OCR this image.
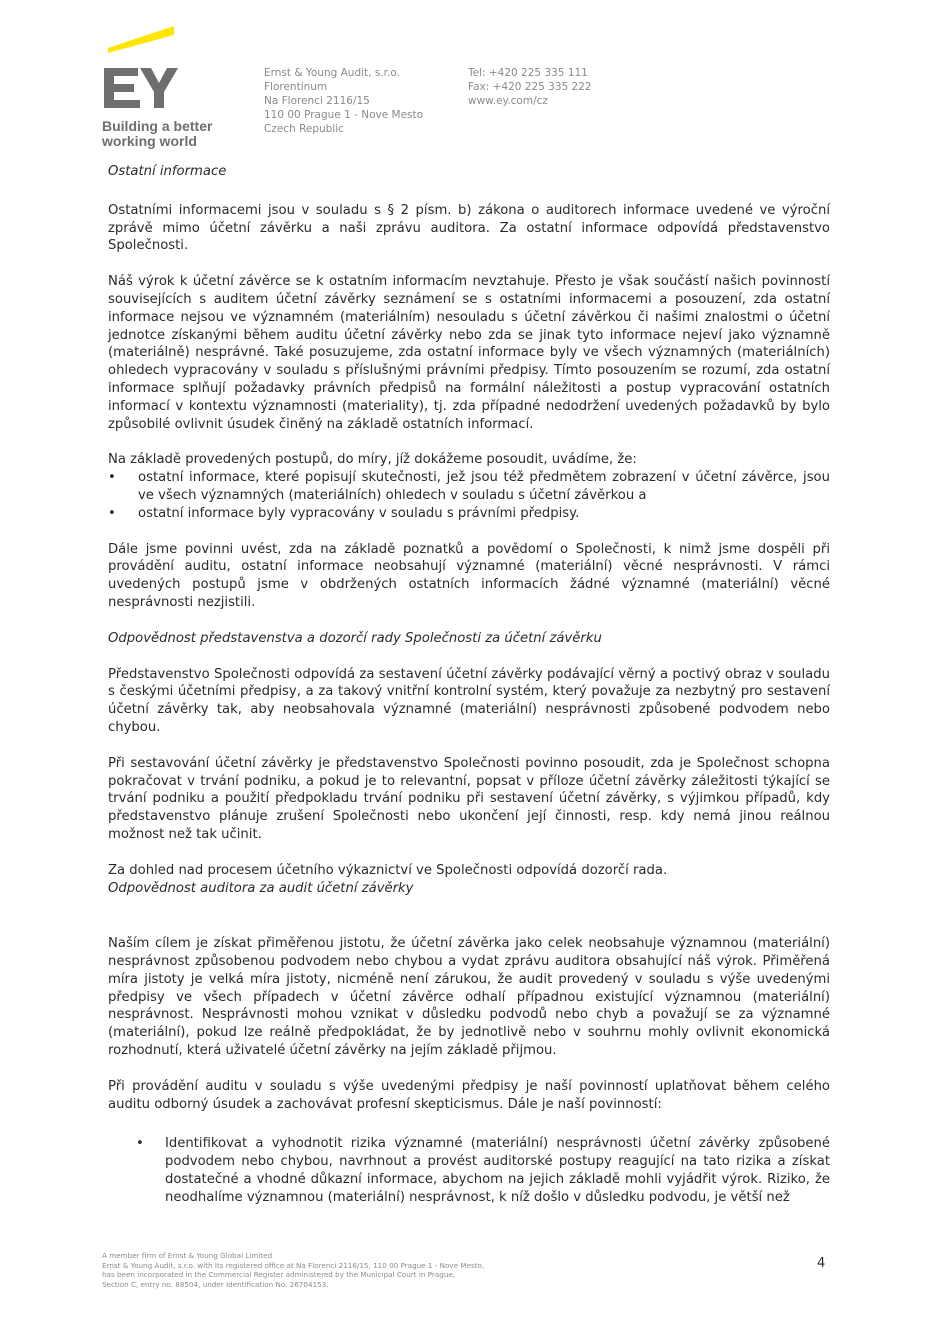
Building a better working world
Ernst & Young Audit, s.r.o.
Florentinum
Na Florenci 2116/15
110 00 Prague 1 - Nove Mesto
Czech Republic
Tel: +420 225 335 111
Fax: +420 225 335 222
www.ey.com/cz
Ostatní informace

Ostatními informacemi jsou v souladu s § 2 písm. b) zákona o auditorech informace uvedené ve výroční zprávě mimo účetní závěrku a naši zprávu auditora. Za ostatní informace odpovídá představenstvo Společnosti.

Náš výrok k účetní závěrce se k ostatním informacím nevztahuje. Přesto je však součástí našich povinností souvisejících s auditem účetní závěrky seznámení se s ostatními informacemi a posouzení, zda ostatní informace nejsou ve významném (materiálním) nesouladu s účetní závěrkou či našimi znalostmi o účetní jednotce získanými během auditu účetní závěrky nebo zda se jinak tyto informace nejeví jako významně (materiálně) nesprávné. Také posuzujeme, zda ostatní informace byly ve všech významných (materiálních) ohledech vypracovány v souladu s příslušnými právními předpisy. Tímto posouzením se rozumí, zda ostatní informace splňují požadavky právních předpisů na formální náležitosti a postup vypracování ostatních informací v kontextu významnosti (materiality), tj. zda případné nedodržení uvedených požadavků by bylo způsobilé ovlivnit úsudek činěný na základě ostatních informací.

Na základě provedených postupů, do míry, jíž dokážeme posoudit, uvádíme, že:

• ostatní informace, které popisují skutečnosti, jež jsou též předmětem zobrazení v účetní závěrce, jsou ve všech významných (materiálních) ohledech v souladu s účetní závěrkou a
• ostatní informace byly vypracovány v souladu s právními předpisy.

Dále jsme povinni uvést, zda na základě poznatků a povědomí o Společnosti, k nimž jsme dospěli při provádění auditu, ostatní informace neobsahují významné (materiální) věcné nesprávnosti. V rámci uvedených postupů jsme v obdržených ostatních informacích žádné významné (materiální) věcné nesprávnosti nezjistili.

Odpovědnost představenstva a dozorčí rady Společnosti za účetní závěrku

Představenstvo Společnosti odpovídá za sestavení účetní závěrky podávající věrný a poctivý obraz v souladu s českými účetními předpisy, a za takový vnitřní kontrolní systém, který považuje za nezbytný pro sestavení účetní závěrky tak, aby neobsahovala významné (materiální) nesprávnosti způsobené podvodem nebo chybou.

Při sestavování účetní závěrky je představenstvo Společnosti povinno posoudit, zda je Společnost schopna pokračovat v trvání podniku, a pokud je to relevantní, popsat v příloze účetní závěrky záležitosti týkající se trvání podniku a použití předpokladu trvání podniku při sestavení účetní závěrky, s výjimkou případů, kdy představenstvo plánuje zrušení Společnosti nebo ukončení její činnosti, resp. kdy nemá jinou reálnou možnost než tak učinit.

Za dohled nad procesem účetního výkaznictví ve Společnosti odpovídá dozorčí rada.

Odpovědnost auditora za audit účetní závěrky

Naším cílem je získat přiměřenou jistotu, že účetní závěrka jako celek neobsahuje významnou (materiální) nesprávnost způsobenou podvodem nebo chybou a vydat zprávu auditora obsahující náš výrok. Přiměřená míra jistoty je velká míra jistoty, nicméně není zárukou, že audit provedený v souladu s výše uvedenými předpisy ve všech případech v účetní závěrce odhalí případnou existující významnou (materiální) nesprávnost. Nesprávnosti mohou vznikat v důsledku podvodů nebo chyb a považují se za významné (materiální), pokud lze reálně předpokládat, že by jednotlivě nebo v souhrnu mohly ovlivnit ekonomická rozhodnutí, která uživatelé účetní závěrky na jejím základě přijmou.

Při provádění auditu v souladu s výše uvedenými předpisy je naší povinností uplatňovat během celého auditu odborný úsudek a zachovávat profesní skepticismus. Dále je naší povinností:

• Identifikovat a vyhodnotit rizika významné (materiální) nesprávnosti účetní závěrky způsobené podvodem nebo chybou, navrhnout a provést auditorské postupy reagující na tato rizika a získat dostatečné a vhodné důkazní informace, abychom na jejich základě mohli vyjádřit výrok. Riziko, že neodhalíme významnou (materiální) nesprávnost, k níž došlo v důsledku podvodu, je větší než
A member firm of Ernst & Young Global Limited
Ernst & Young Audit, s.r.o. with its registered office at Na Florenci 2116/15, 110 00 Prague 1 - Nove Mesto,
has been incorporated in the Commercial Register administered by the Municipal Court in Prague,
Section C, entry no. 88504, under Identification No. 26704153.
4
